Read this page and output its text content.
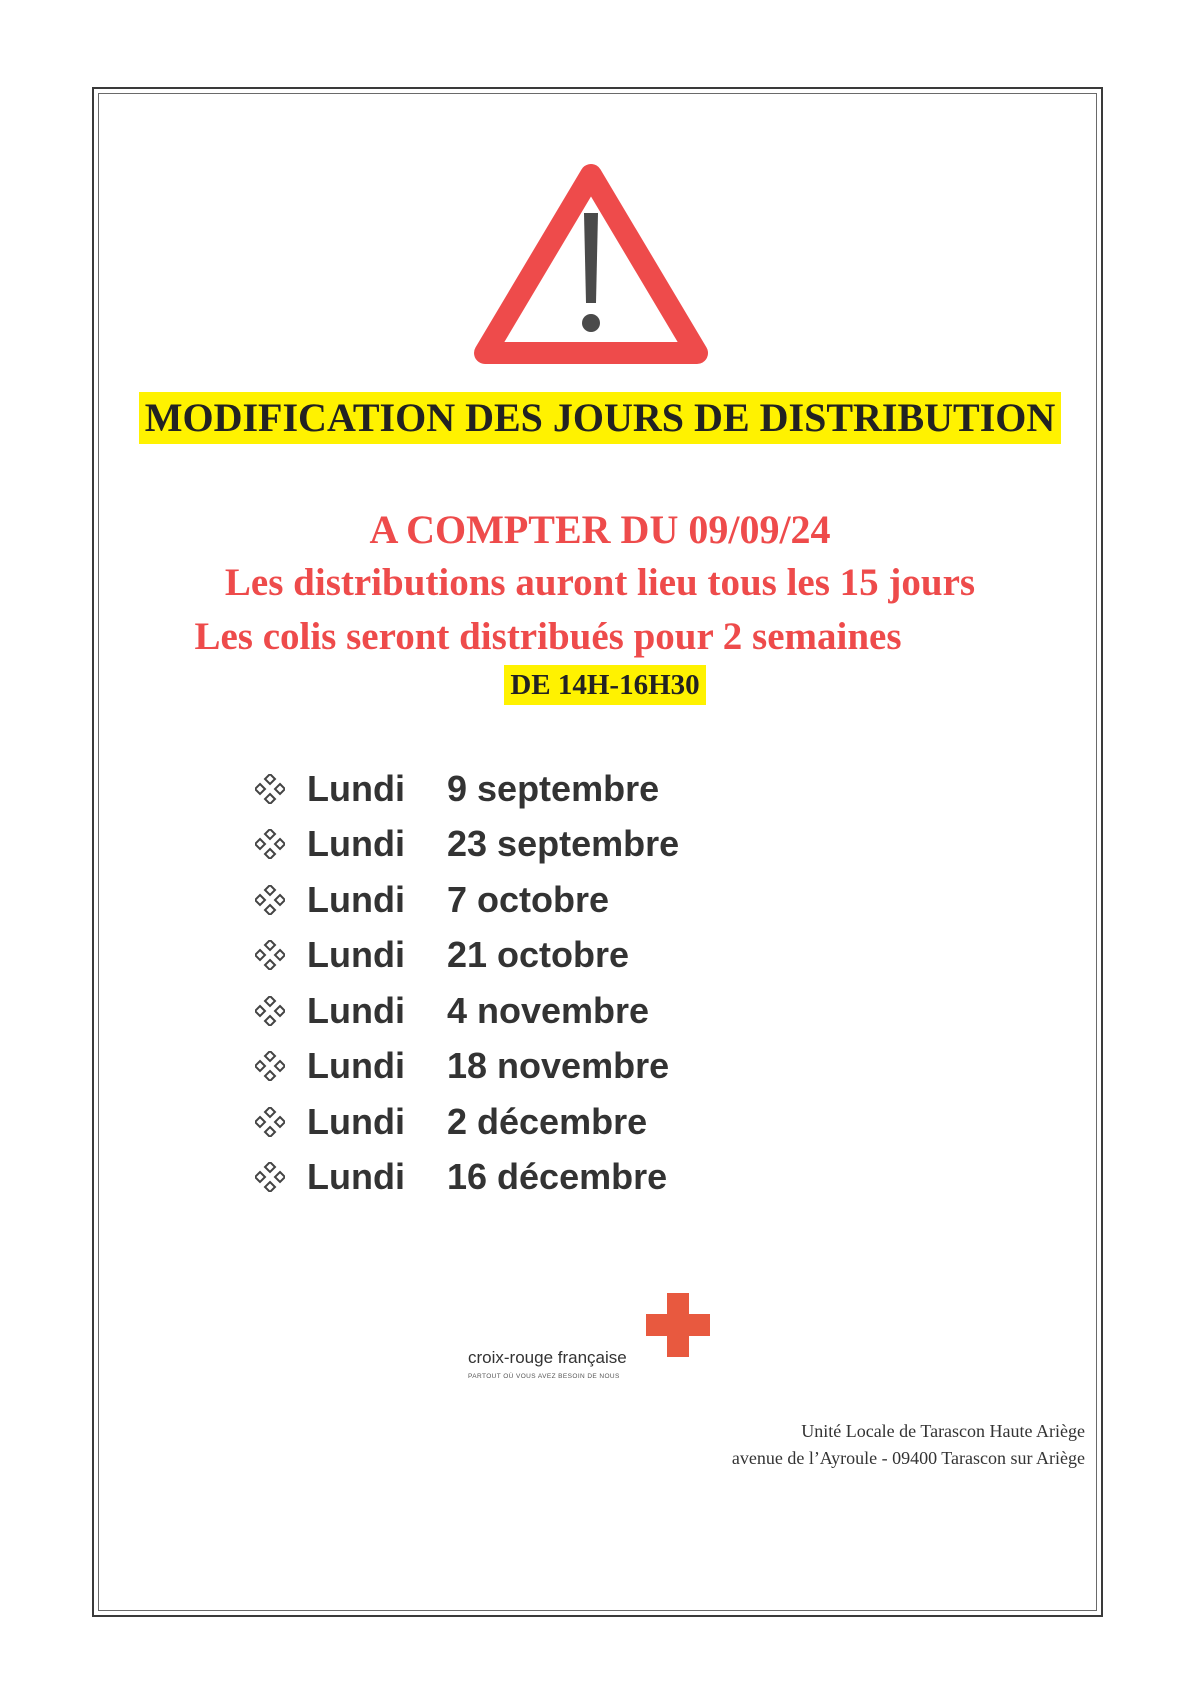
MODIFICATION DES JOURS DE DISTRIBUTION
A COMPTER DU 09/09/24
Les distributions auront lieu tous les 15 jours
Les colis seront distribués pour 2 semaines
DE 14H-16H30
Lundi	9 septembre
Lundi	23 septembre
Lundi	7 octobre
Lundi	21 octobre
Lundi	4 novembre
Lundi	18 novembre
Lundi	2 décembre
Lundi	16 décembre
croix-rouge française
PARTOUT OÙ VOUS AVEZ BESOIN DE NOUS
Unité Locale de Tarascon Haute Ariège
avenue de l’Ayroule - 09400 Tarascon sur Ariège
